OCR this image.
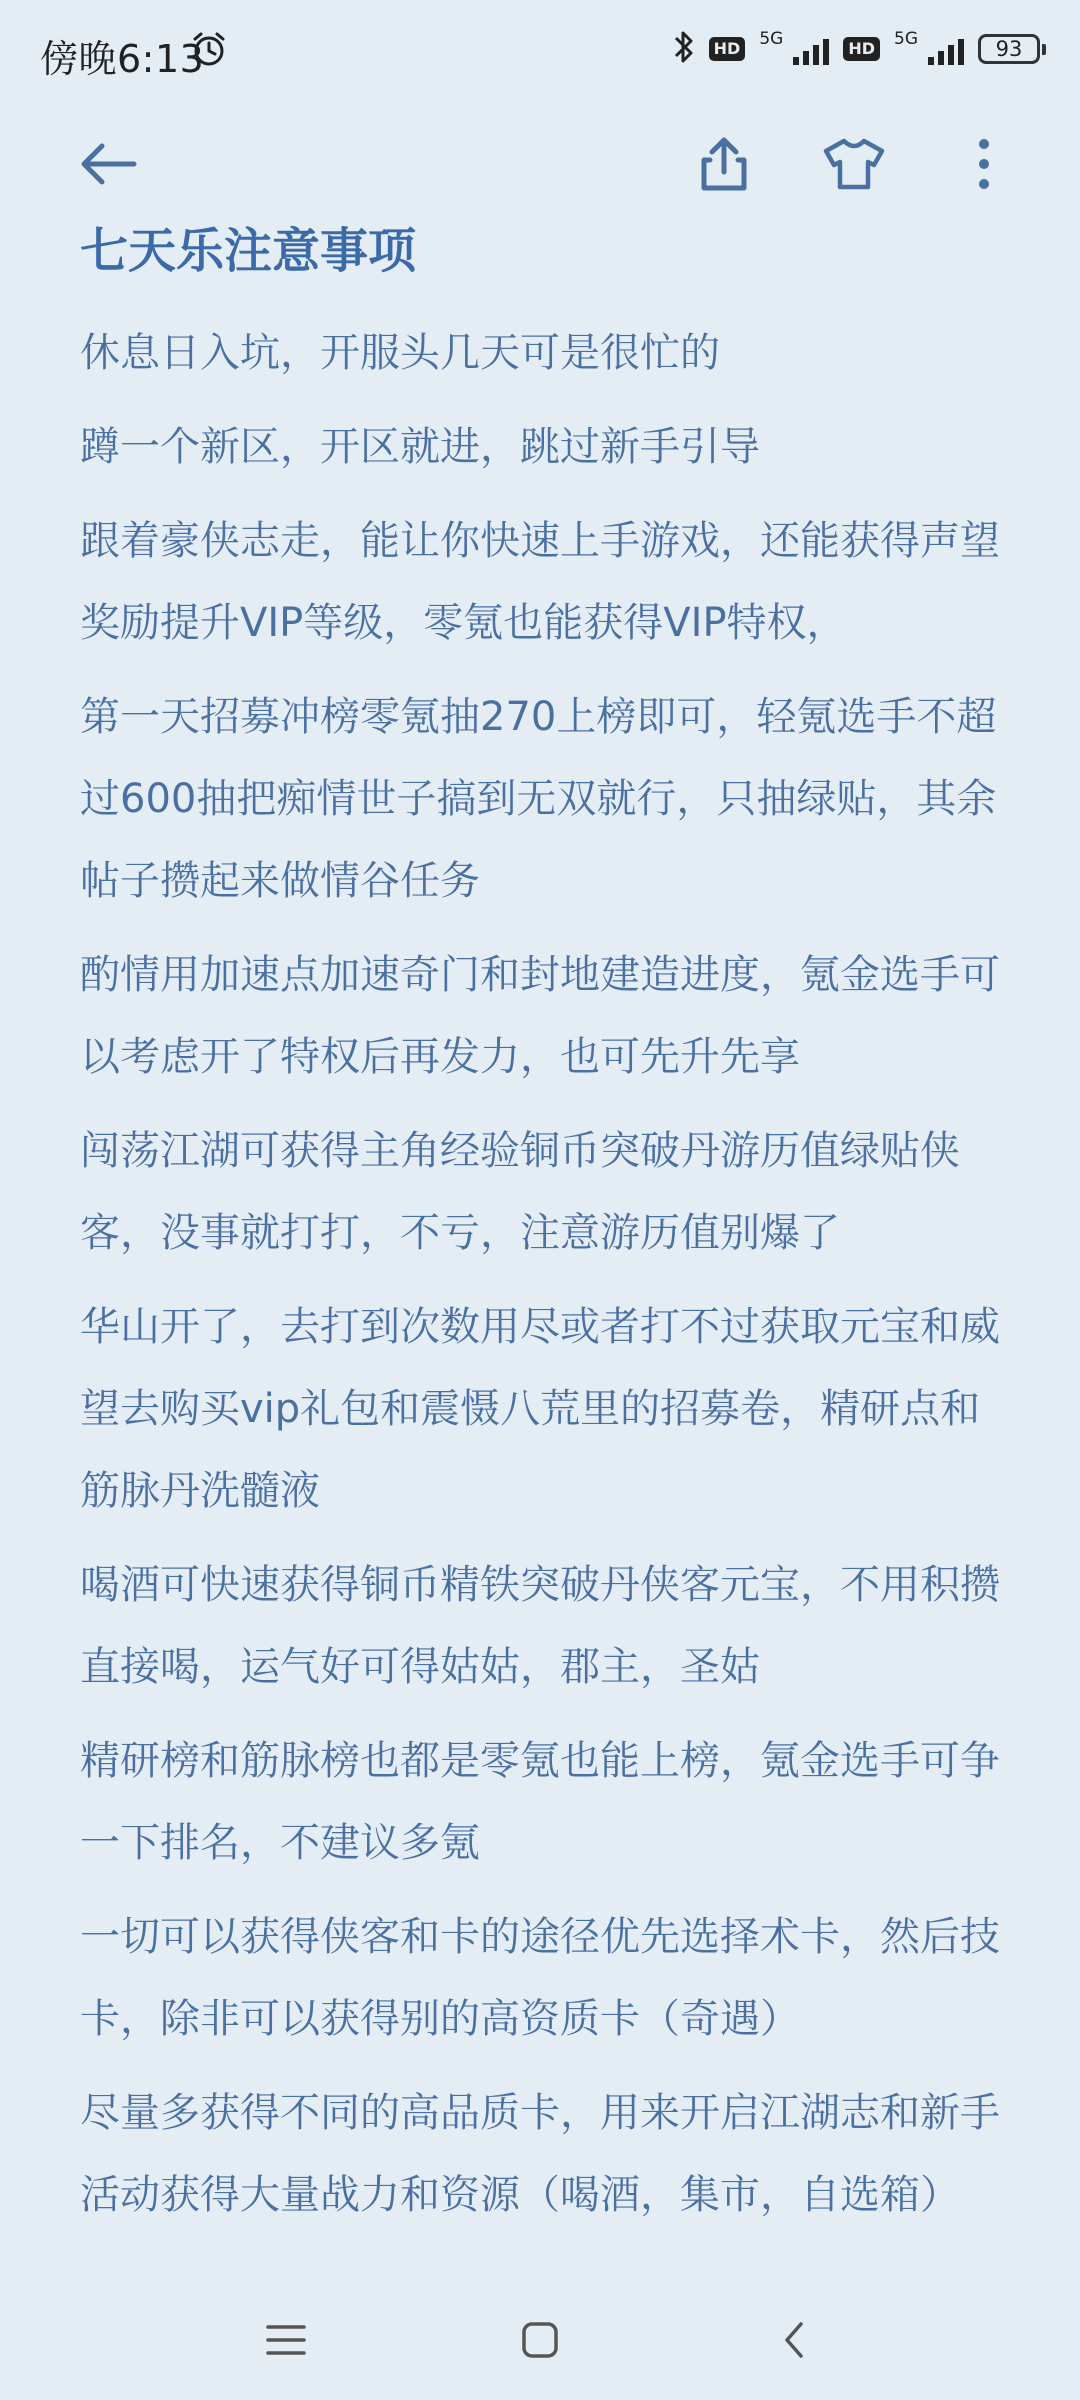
傍晚6:13	HD 5G	HD 5G	93
七天乐注意事项

休息日入坑，开服头几天可是很忙的

蹲一个新区，开区就进，跳过新手引导

跟着豪侠志走，能让你快速上手游戏，还能获得声望奖励提升VIP等级，零氪也能获得VIP特权，

第一天招募冲榜零氪抽270上榜即可，轻氪选手不超过600抽把痴情世子搞到无双就行，只抽绿贴，其余帖子攒起来做情谷任务

酌情用加速点加速奇门和封地建造进度，氪金选手可以考虑开了特权后再发力，也可先升先享

闯荡江湖可获得主角经验铜币突破丹游历值绿贴侠客，没事就打打，不亏，注意游历值别爆了

华山开了，去打到次数用尽或者打不过获取元宝和威望去购买vip礼包和震慑八荒里的招募卷，精研点和筋脉丹洗髓液

喝酒可快速获得铜币精铁突破丹侠客元宝，不用积攒直接喝，运气好可得姑姑，郡主，圣姑

精研榜和筋脉榜也都是零氪也能上榜，氪金选手可争一下排名，不建议多氪

一切可以获得侠客和卡的途径优先选择术卡，然后技卡，除非可以获得别的高资质卡（奇遇）

尽量多获得不同的高品质卡，用来开启江湖志和新手活动获得大量战力和资源（喝酒，集市，自选箱）
